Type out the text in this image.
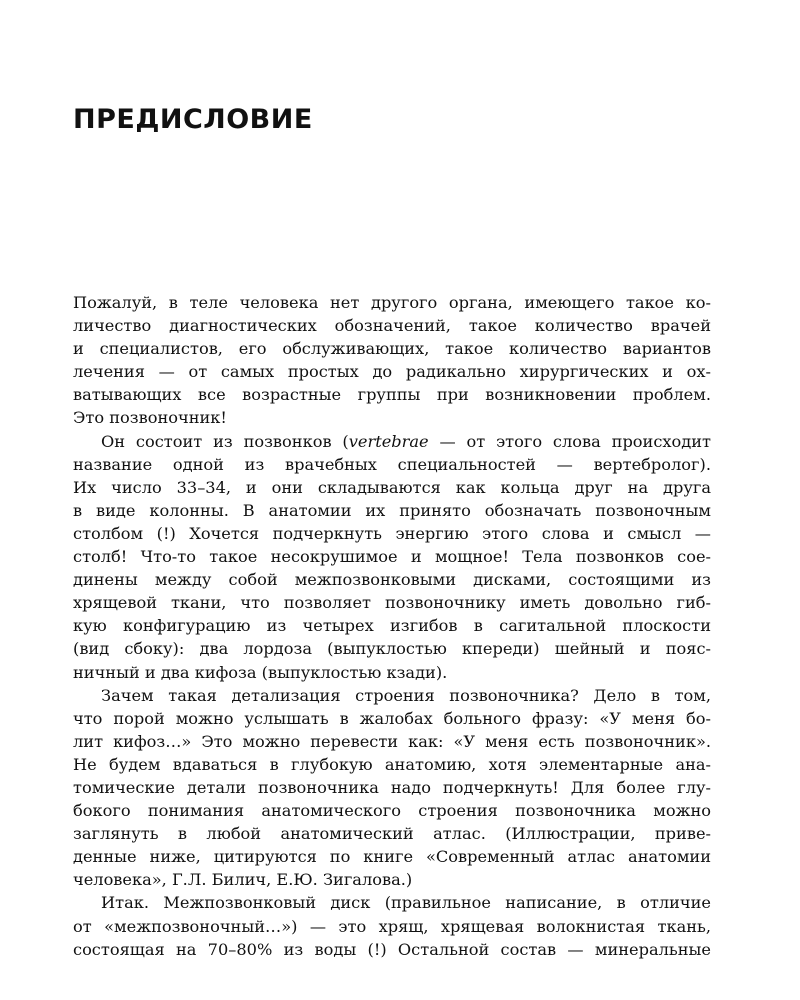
ПРЕДИСЛОВИЕ

Пожалуй, в теле человека нет другого органа, имеющего такое ко-
личество диагностических обозначений, такое количество врачей
и специалистов, его обслуживающих, такое количество вариантов
лечения — от самых простых до радикально хирургических и ох-
ватывающих все возрастные группы при возникновении проблем.
Это позвоночник!

Он состоит из позвонков (vertebrae — от этого слова происходит
название одной из врачебных специальностей — вертебролог).
Их число 33–34, и они складываются как кольца друг на друга
в виде колонны. В анатомии их принято обозначать позвоночным
столбом (!) Хочется подчеркнуть энергию этого слова и смысл —
столб! Что-то такое несокрушимое и мощное! Тела позвонков сое-
динены между собой межпозвонковыми дисками, состоящими из
хрящевой ткани, что позволяет позвоночнику иметь довольно гиб-
кую конфигурацию из четырех изгибов в сагитальной плоскости
(вид сбоку): два лордоза (выпуклостью кпереди) шейный и пояс-
ничный и два кифоза (выпуклостью кзади).

Зачем такая детализация строения позвоночника? Дело в том,
что порой можно услышать в жалобах больного фразу: «У меня бо-
лит кифоз…» Это можно перевести как: «У меня есть позвоночник».
Не будем вдаваться в глубокую анатомию, хотя элементарные ана-
томические детали позвоночника надо подчеркнуть! Для более глу-
бокого понимания анатомического строения позвоночника можно
заглянуть в любой анатомический атлас. (Иллюстрации, приве-
денные ниже, цитируются по книге «Современный атлас анатомии
человека», Г.Л. Билич, Е.Ю. Зигалова.)

Итак. Межпозвонковый диск (правильное написание, в отличие
от «межпозвоночный…») — это хрящ, хрящевая волокнистая ткань,
состоящая на 70–80% из воды (!) Остальной состав — минеральные
